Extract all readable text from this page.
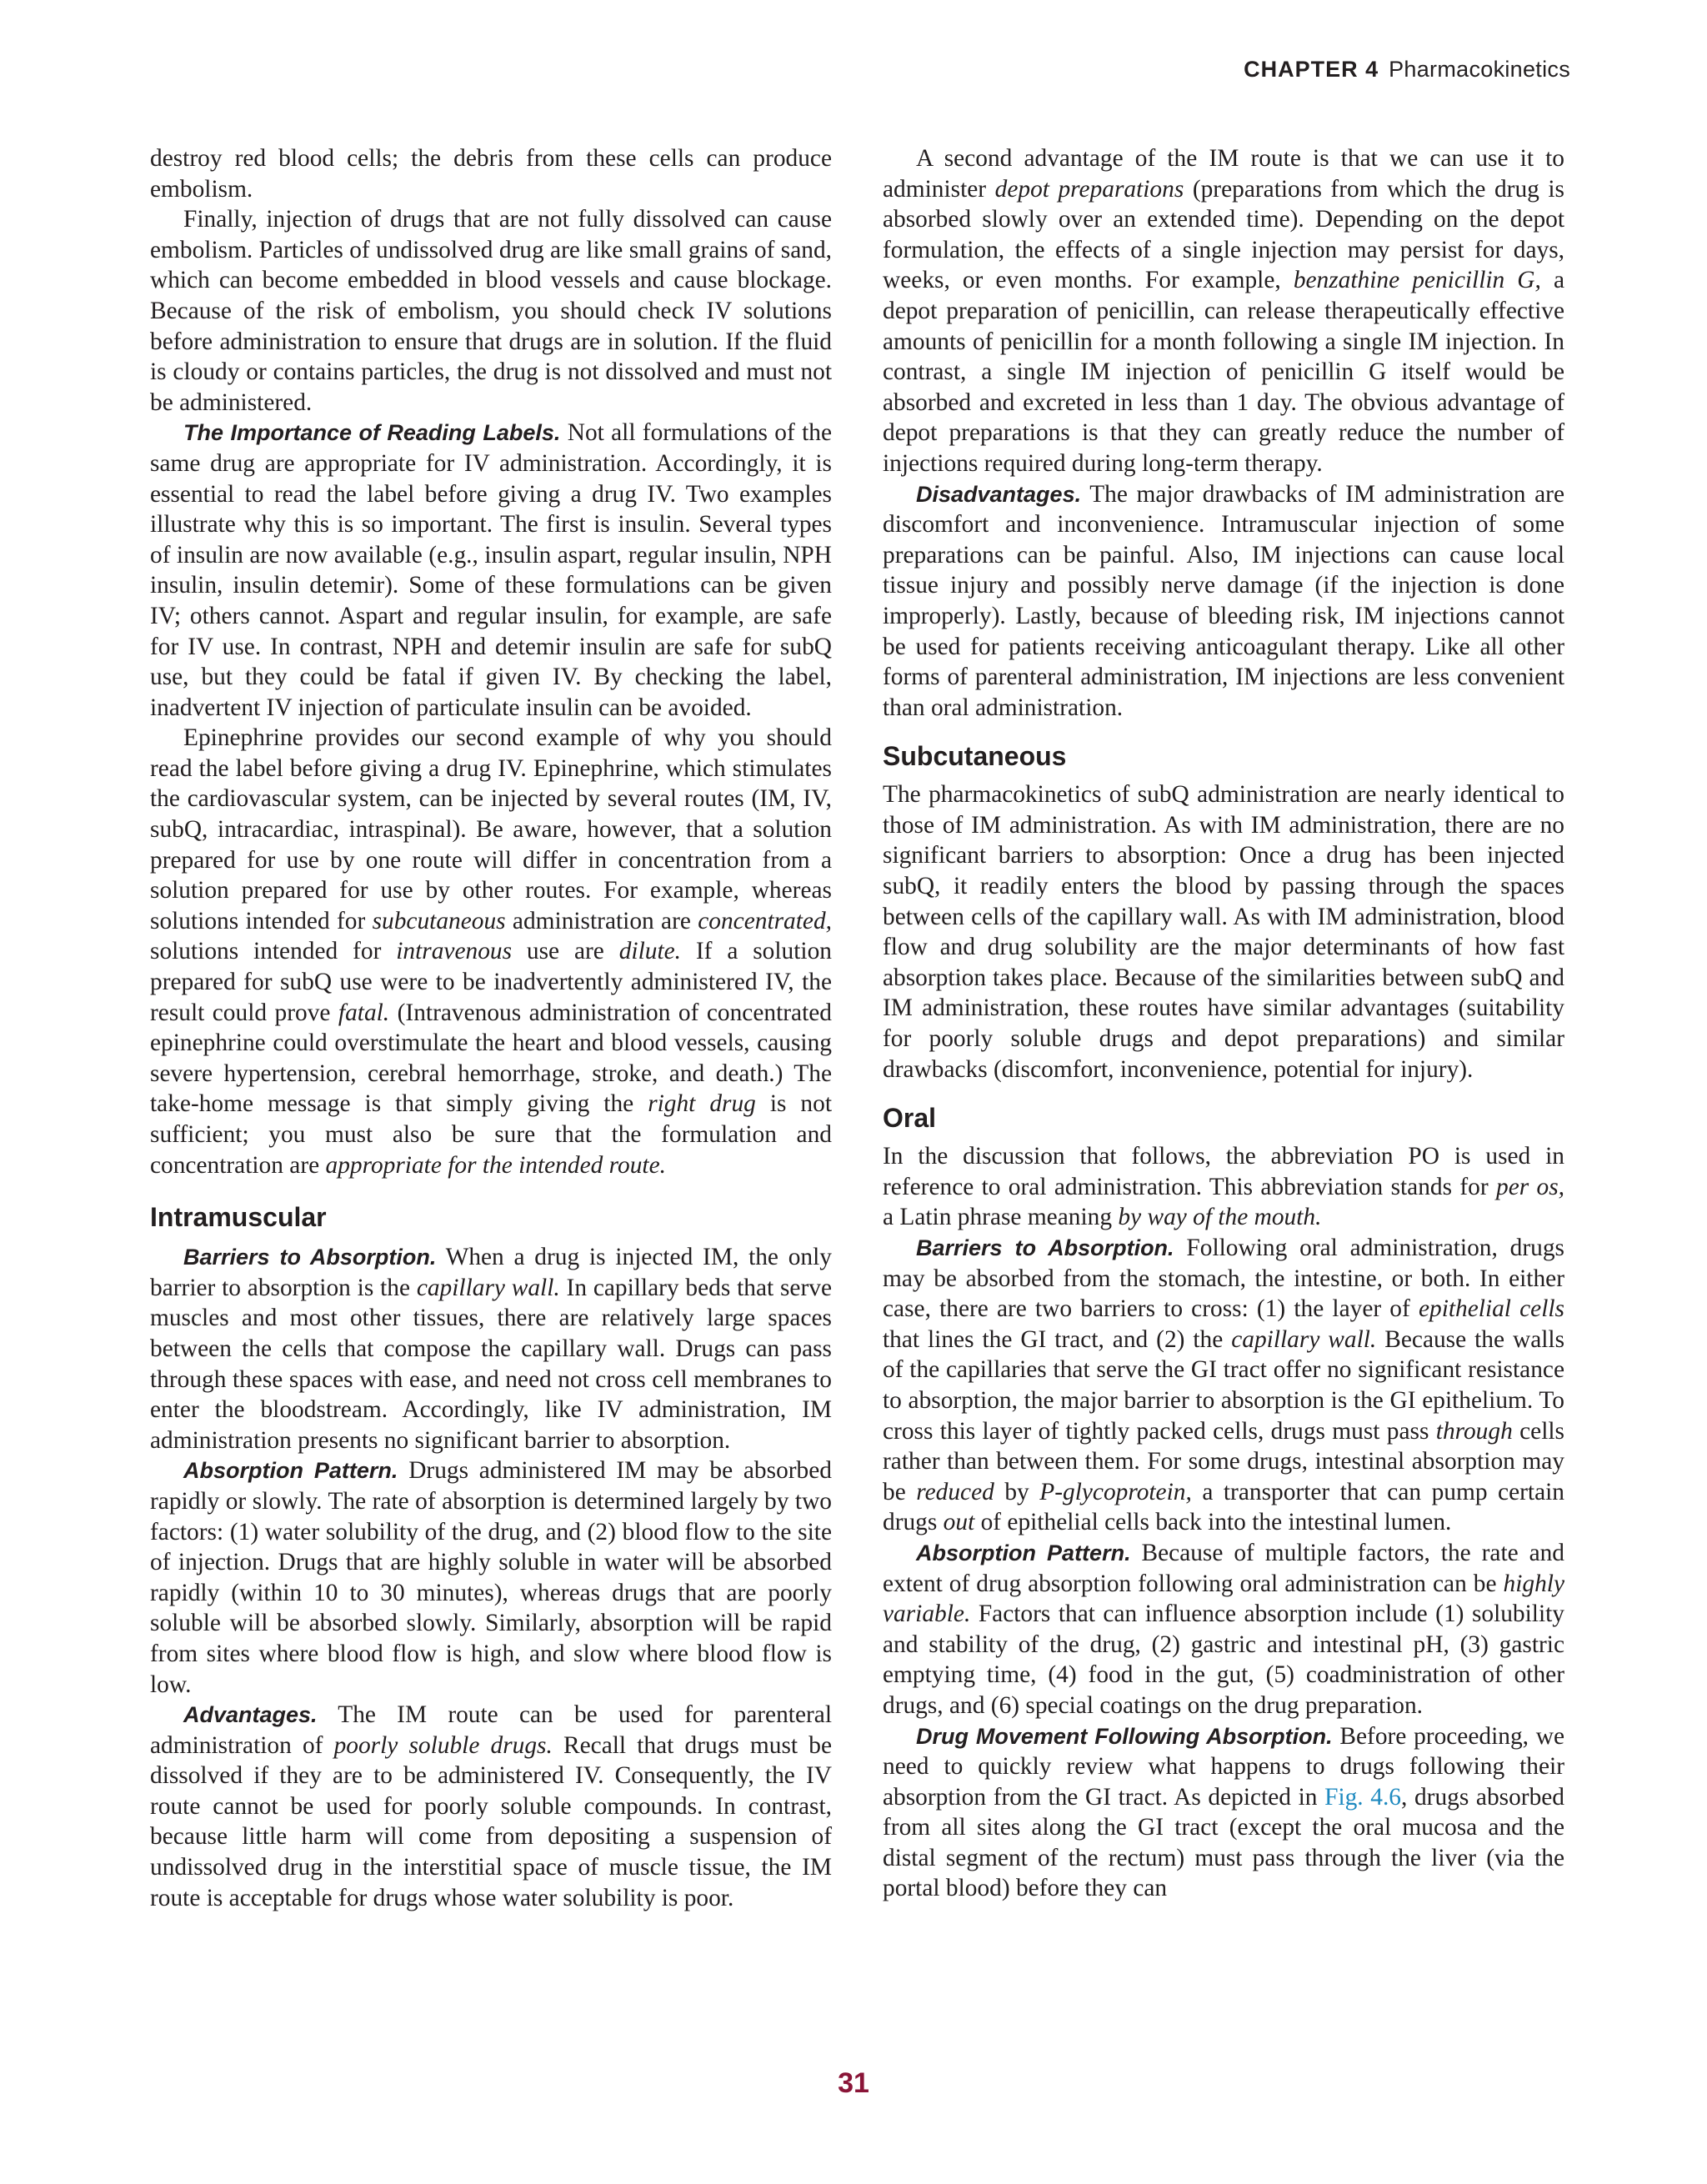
CHAPTER 4 Pharmacokinetics

destroy red blood cells; the debris from these cells can produce embolism.

Finally, injection of drugs that are not fully dissolved can cause embolism. Particles of undissolved drug are like small grains of sand, which can become embedded in blood vessels and cause blockage. Because of the risk of embolism, you should check IV solutions before administration to ensure that drugs are in solution. If the fluid is cloudy or contains particles, the drug is not dissolved and must not be administered.

The Importance of Reading Labels. Not all formulations of the same drug are appropriate for IV administration. Accordingly, it is essential to read the label before giving a drug IV. Two examples illustrate why this is so important. The first is insulin. Several types of insulin are now available (e.g., insulin aspart, regular insulin, NPH insulin, insulin detemir). Some of these formulations can be given IV; others cannot. Aspart and regular insulin, for example, are safe for IV use. In contrast, NPH and detemir insulin are safe for subQ use, but they could be fatal if given IV. By checking the label, inadvertent IV injection of particulate insulin can be avoided.

Epinephrine provides our second example of why you should read the label before giving a drug IV. Epinephrine, which stimulates the cardiovascular system, can be injected by several routes (IM, IV, subQ, intracardiac, intraspinal). Be aware, however, that a solution prepared for use by one route will differ in concentration from a solution prepared for use by other routes. For example, whereas solutions intended for subcutaneous administration are concentrated, solutions intended for intravenous use are dilute. If a solution prepared for subQ use were to be inadvertently administered IV, the result could prove fatal. (Intravenous administration of concentrated epinephrine could overstimulate the heart and blood vessels, causing severe hypertension, cerebral hemorrhage, stroke, and death.) The take-home message is that simply giving the right drug is not sufficient; you must also be sure that the formulation and concentration are appropriate for the intended route.

Intramuscular

Barriers to Absorption. When a drug is injected IM, the only barrier to absorption is the capillary wall. In capillary beds that serve muscles and most other tissues, there are relatively large spaces between the cells that compose the capillary wall. Drugs can pass through these spaces with ease, and need not cross cell membranes to enter the bloodstream. Accordingly, like IV administration, IM administration presents no significant barrier to absorption.

Absorption Pattern. Drugs administered IM may be absorbed rapidly or slowly. The rate of absorption is determined largely by two factors: (1) water solubility of the drug, and (2) blood flow to the site of injection. Drugs that are highly soluble in water will be absorbed rapidly (within 10 to 30 minutes), whereas drugs that are poorly soluble will be absorbed slowly. Similarly, absorption will be rapid from sites where blood flow is high, and slow where blood flow is low.

Advantages. The IM route can be used for parenteral administration of poorly soluble drugs. Recall that drugs must be dissolved if they are to be administered IV. Consequently, the IV route cannot be used for poorly soluble compounds. In contrast, because little harm will come from depositing a suspension of undissolved drug in the interstitial space of muscle tissue, the IM route is acceptable for drugs whose water solubility is poor.

A second advantage of the IM route is that we can use it to administer depot preparations (preparations from which the drug is absorbed slowly over an extended time). Depending on the depot formulation, the effects of a single injection may persist for days, weeks, or even months. For example, benzathine penicillin G, a depot preparation of penicillin, can release therapeutically effective amounts of penicillin for a month following a single IM injection. In contrast, a single IM injection of penicillin G itself would be absorbed and excreted in less than 1 day. The obvious advantage of depot preparations is that they can greatly reduce the number of injections required during long-term therapy.

Disadvantages. The major drawbacks of IM administration are discomfort and inconvenience. Intramuscular injection of some preparations can be painful. Also, IM injections can cause local tissue injury and possibly nerve damage (if the injection is done improperly). Lastly, because of bleeding risk, IM injections cannot be used for patients receiving anticoagulant therapy. Like all other forms of parenteral administration, IM injections are less convenient than oral administration.

Subcutaneous

The pharmacokinetics of subQ administration are nearly identical to those of IM administration. As with IM administration, there are no significant barriers to absorption: Once a drug has been injected subQ, it readily enters the blood by passing through the spaces between cells of the capillary wall. As with IM administration, blood flow and drug solubility are the major determinants of how fast absorption takes place. Because of the similarities between subQ and IM administration, these routes have similar advantages (suitability for poorly soluble drugs and depot preparations) and similar drawbacks (discomfort, inconvenience, potential for injury).

Oral

In the discussion that follows, the abbreviation PO is used in reference to oral administration. This abbreviation stands for per os, a Latin phrase meaning by way of the mouth.

Barriers to Absorption. Following oral administration, drugs may be absorbed from the stomach, the intestine, or both. In either case, there are two barriers to cross: (1) the layer of epithelial cells that lines the GI tract, and (2) the capillary wall. Because the walls of the capillaries that serve the GI tract offer no significant resistance to absorption, the major barrier to absorption is the GI epithelium. To cross this layer of tightly packed cells, drugs must pass through cells rather than between them. For some drugs, intestinal absorption may be reduced by P-glycoprotein, a transporter that can pump certain drugs out of epithelial cells back into the intestinal lumen.

Absorption Pattern. Because of multiple factors, the rate and extent of drug absorption following oral administration can be highly variable. Factors that can influence absorption include (1) solubility and stability of the drug, (2) gastric and intestinal pH, (3) gastric emptying time, (4) food in the gut, (5) coadministration of other drugs, and (6) special coatings on the drug preparation.

Drug Movement Following Absorption. Before proceeding, we need to quickly review what happens to drugs following their absorption from the GI tract. As depicted in Fig. 4.6, drugs absorbed from all sites along the GI tract (except the oral mucosa and the distal segment of the rectum) must pass through the liver (via the portal blood) before they can

31
